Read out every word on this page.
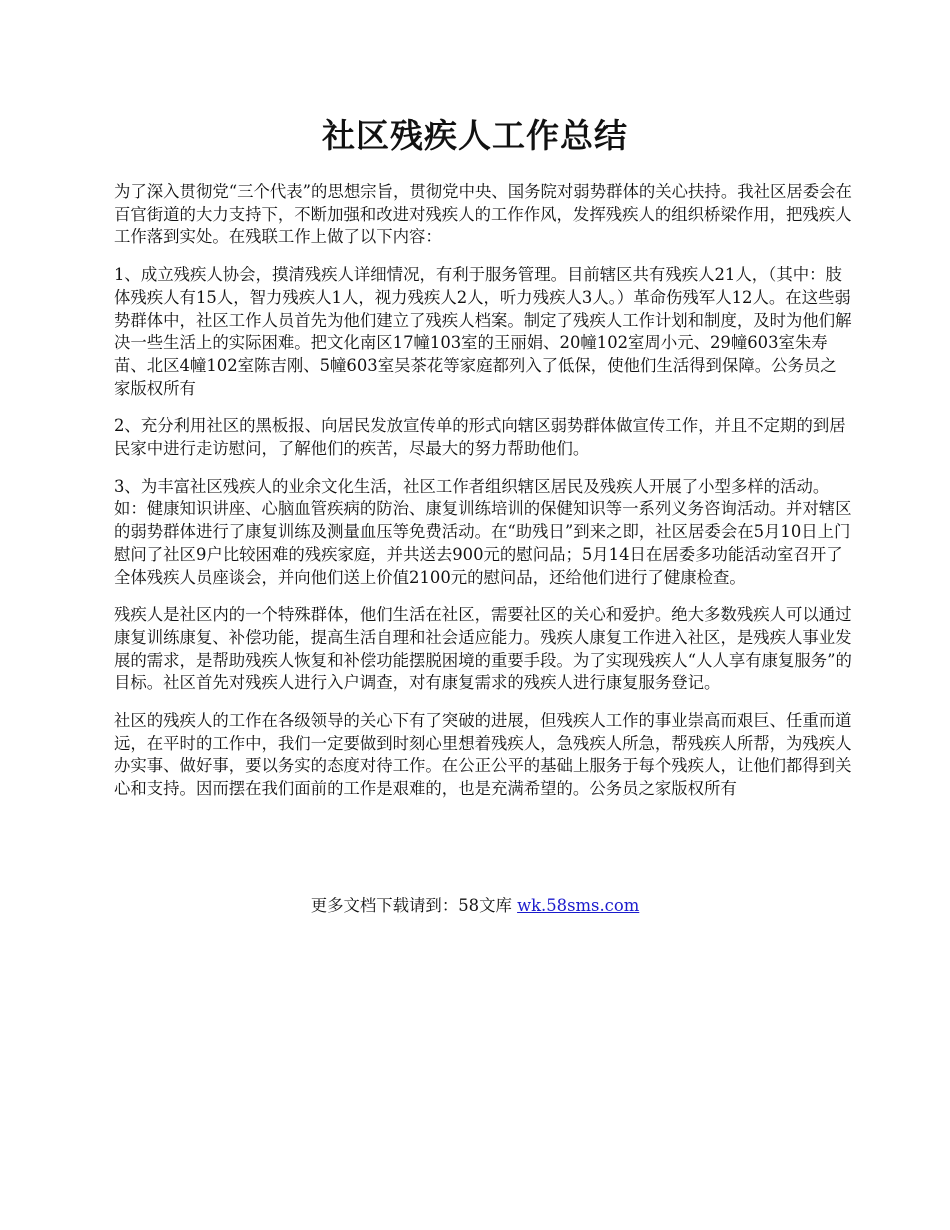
社区残疾人工作总结

为了深入贯彻党“三个代表”的思想宗旨，贯彻党中央、国务院对弱势群体的关心扶持。我社区居委会在百官街道的大力支持下，不断加强和改进对残疾人的工作作风，发挥残疾人的组织桥梁作用，把残疾人工作落到实处。在残联工作上做了以下内容：

1、成立残疾人协会，摸清残疾人详细情况，有利于服务管理。目前辖区共有残疾人21人，（其中：肢体残疾人有15人，智力残疾人1人，视力残疾人2人，听力残疾人3人。）革命伤残军人12人。在这些弱势群体中，社区工作人员首先为他们建立了残疾人档案。制定了残疾人工作计划和制度，及时为他们解决一些生活上的实际困难。把文化南区17幢103室的王丽娟、20幢102室周小元、29幢603室朱寿苗、北区4幢102室陈吉刚、5幢603室吴茶花等家庭都列入了低保，使他们生活得到保障。公务员之家版权所有

2、充分利用社区的黑板报、向居民发放宣传单的形式向辖区弱势群体做宣传工作，并且不定期的到居民家中进行走访慰问，了解他们的疾苦，尽最大的努力帮助他们。

3、为丰富社区残疾人的业余文化生活，社区工作者组织辖区居民及残疾人开展了小型多样的活动。如：健康知识讲座、心脑血管疾病的防治、康复训练培训的保健知识等一系列义务咨询活动。并对辖区的弱势群体进行了康复训练及测量血压等免费活动。在“助残日”到来之即，社区居委会在5月10日上门慰问了社区9户比较困难的残疾家庭，并共送去900元的慰问品；5月14日在居委多功能活动室召开了全体残疾人员座谈会，并向他们送上价值2100元的慰问品，还给他们进行了健康检查。

残疾人是社区内的一个特殊群体，他们生活在社区，需要社区的关心和爱护。绝大多数残疾人可以通过康复训练康复、补偿功能，提高生活自理和社会适应能力。残疾人康复工作进入社区，是残疾人事业发展的需求，是帮助残疾人恢复和补偿功能摆脱困境的重要手段。为了实现残疾人“人人享有康复服务”的目标。社区首先对残疾人进行入户调查，对有康复需求的残疾人进行康复服务登记。

社区的残疾人的工作在各级领导的关心下有了突破的进展，但残疾人工作的事业崇高而艰巨、任重而道远，在平时的工作中，我们一定要做到时刻心里想着残疾人，急残疾人所急，帮残疾人所帮，为残疾人办实事、做好事，要以务实的态度对待工作。在公正公平的基础上服务于每个残疾人，让他们都得到关心和支持。因而摆在我们面前的工作是艰难的，也是充满希望的。公务员之家版权所有

更多文档下载请到：58文库 wk.58sms.com
